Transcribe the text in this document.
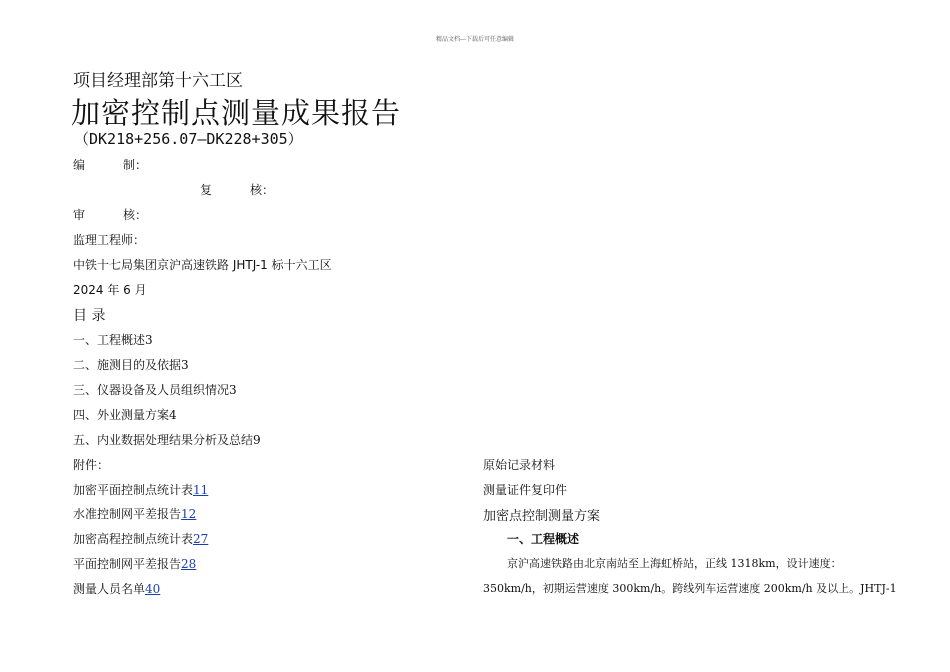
精品文档---下载后可任意编辑
项目经理部第十六工区
加密控制点测量成果报告
（DK218+256.07—DK228+305）
编	制：
复	核：
审	核：
监理工程师：
中铁十七局集团京沪高速铁路 JHTJ-1 标十六工区
2024 年 6 月
目 录
一、工程概述3
二、施测目的及依据3
三、仪器设备及人员组织情况3
四、外业测量方案4
五、内业数据处理结果分析及总结9
附件：
加密平面控制点统计表11
水准控制网平差报告12
加密高程控制点统计表27
平面控制网平差报告28
测量人员名单40
原始记录材料
测量证件复印件
加密点控制测量方案
一、工程概述
京沪高速铁路由北京南站至上海虹桥站，正线 1318km，设计速度：
350km/h，初期运营速度 300km/h。跨线列车运营速度 200km/h 及以上。JHTJ-1
